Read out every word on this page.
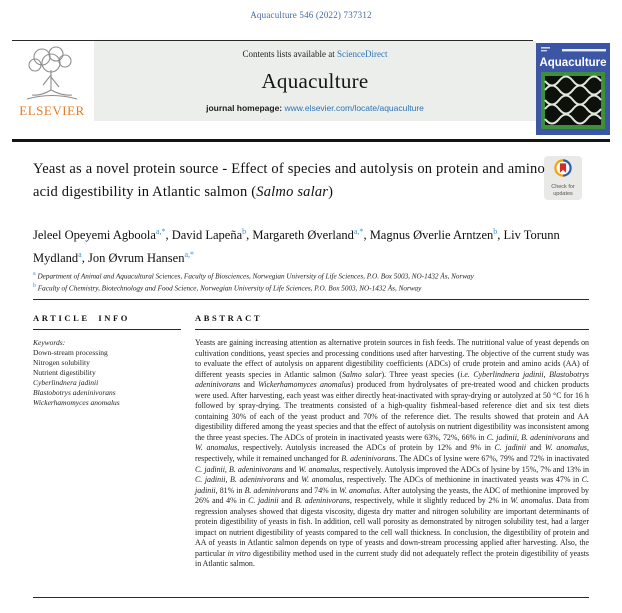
Aquaculture 546 (2022) 737312
ELSEVIER
Contents lists available at ScienceDirect
Aquaculture
journal homepage: www.elsevier.com/locate/aquaculture
Aquaculture
Check for
updates
Yeast as a novel protein source - Effect of species and autolysis on protein and amino acid digestibility in Atlantic salmon (Salmo salar)
Jeleel Opeyemi Agboola$^{a,*}$, David Lapeña$^b$, Margareth Øverland$^{a,*}$, Magnus Øverlie Arntzen$^b$, Liv Torunn Mydland$^a$, Jon Øvrum Hansen$^{a,*}$
$^a$ Department of Animal and Aquacultural Sciences, Faculty of Biosciences, Norwegian University of Life Sciences, P.O. Box 5003, NO-1432 Ås, Norway
$^b$ Faculty of Chemistry, Biotechnology and Food Science, Norwegian University of Life Sciences, P.O. Box 5003, NO-1432 Ås, Norway
ARTICLE INFO
Keywords:
Down-stream processing
Nitrogen solubility
Nutrient digestibility
Cyberlindnera jadinii
Blastobotrys adeninivorans
Wickerhamomyces anomalus
ABSTRACT

Yeasts are gaining increasing attention as alternative protein sources in fish feeds. The nutritional value of yeast depends on cultivation conditions, yeast species and processing conditions used after harvesting. The objective of the current study was to evaluate the effect of autolysis on apparent digestibility coefficients (ADCs) of crude protein and amino acids (AA) of different yeasts species in Atlantic salmon (Salmo salar). Three yeast species (i.e. Cyberlindnera jadinii, Blastobotrys adeninivorans and Wickerhamomyces anomalus) produced from hydrolysates of pre-treated wood and chicken products were used. After harvesting, each yeast was either directly heat-inactivated with spray-drying or autolyzed at 50 °C for 16 h followed by spray-drying. The treatments consisted of a high-quality fishmeal-based reference diet and six test diets containing 30% of each of the yeast product and 70% of the reference diet. The results showed that protein and AA digestibility differed among the yeast species and that the effect of autolysis on nutrient digestibility was inconsistent among the three yeast species. The ADCs of protein in inactivated yeasts were 63%, 72%, 66% in C. jadinii, B. adeninivorans and W. anomalus, respectively. Autolysis increased the ADCs of protein by 12% and 9% in C. jadinii and W. anomalus, respectively, while it remained unchanged for B. adeninivorans. The ADCs of lysine were 67%, 79% and 72% in inactivated C. jadinii, B. adeninivorans and W. anomalus, respectively. Autolysis improved the ADCs of lysine by 15%, 7% and 13% in C. jadinii, B. adeninivorans and W. anomalus, respectively. The ADCs of methionine in inactivated yeasts was 47% in C. jadinii, 81% in B. adeninivorans and 74% in W. anomalus. After autolysing the yeasts, the ADC of methionine improved by 26% and 4% in C. jadinii and B. adeninivorans, respectively, while it slightly reduced by 2% in W. anomalus. Data from regression analyses showed that digesta viscosity, digesta dry matter and nitrogen solubility are important determinants of protein digestibility of yeasts in fish. In addition, cell wall porosity as demonstrated by nitrogen solubility test, had a larger impact on nutrient digestibility of yeasts compared to the cell wall thickness. In conclusion, the digestibility of protein and AA of yeasts in Atlantic salmon depends on type of yeasts and down-stream processing applied after harvesting. Also, the particular in vitro digestibility method used in the current study did not adequately reflect the protein digestibility of yeasts in Atlantic salmon.
